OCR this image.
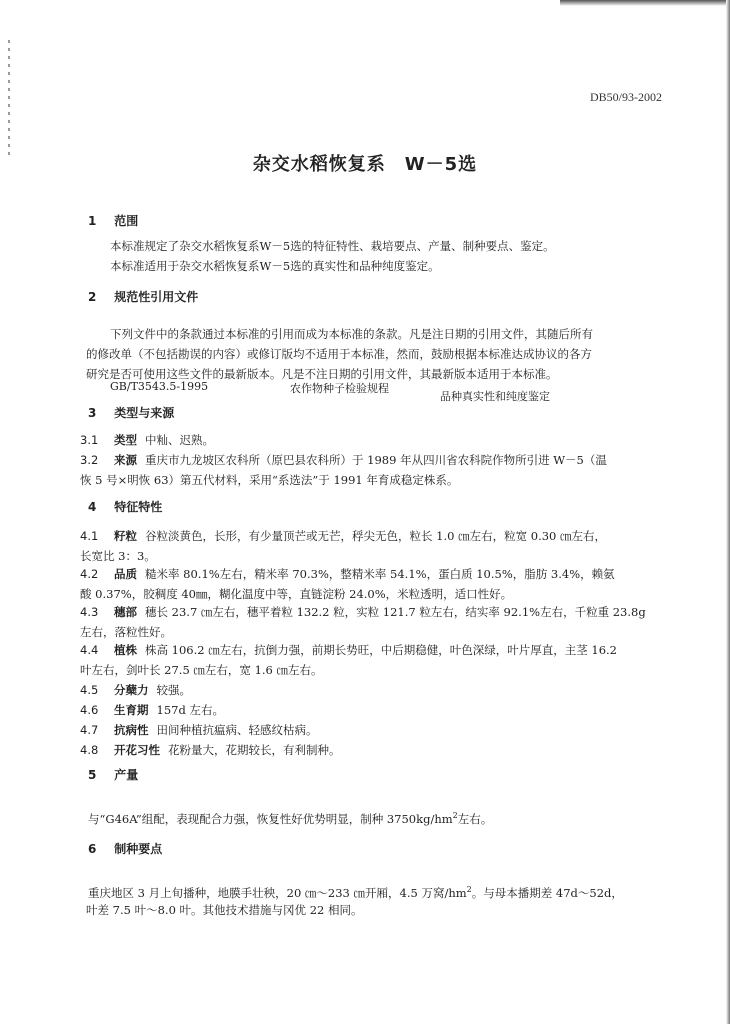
DB50/93-2002
杂交水稻恢复系　W－5选
1 范围
本标准规定了杂交水稻恢复系W－5选的特征特性、栽培要点、产量、制种要点、鉴定。
本标准适用于杂交水稻恢复系W－5选的真实性和品种纯度鉴定。
2 规范性引用文件
下列文件中的条款通过本标准的引用而成为本标准的条款。凡是注日期的引用文件，其随后所有
的修改单（不包括勘误的内容）或修订版均不适用于本标准，然而，鼓励根据本标准达成协议的各方
研究是否可使用这些文件的最新版本。凡是不注日期的引用文件，其最新版本适用于本标准。
GB/T3543.5-1995	农作物种子检验规程
品种真实性和纯度鉴定
3 类型与来源
3.1 类型 中籼、迟熟。
3.2 来源 重庆市九龙坡区农科所（原巴县农科所）于 1989 年从四川省农科院作物所引进 W－5（温
恢 5 号×明恢 63）第五代材料，采用“系选法”于 1991 年育成稳定株系。
4 特征特性
4.1 籽粒 谷粒淡黄色，长形，有少量顶芒或无芒，稃尖无色，粒长 1.0 ㎝左右，粒宽 0.30 ㎝左右，
长宽比 3：3。
4.2 品质 糙米率 80.1%左右，精米率 70.3%，整精米率 54.1%，蛋白质 10.5%，脂肪 3.4%，赖氨
酸 0.37%，胶稠度 40㎜，糊化温度中等，直链淀粉 24.0%，米粒透明，适口性好。
4.3 穗部 穗长 23.7 ㎝左右，穗平着粒 132.2 粒，实粒 121.7 粒左右，结实率 92.1%左右，千粒重 23.8g
左右，落粒性好。
4.4 植株 株高 106.2 ㎝左右，抗倒力强，前期长势旺，中后期稳健，叶色深绿，叶片厚直，主茎 16.2
叶左右，剑叶长 27.5 ㎝左右，宽 1.6 ㎝左右。
4.5 分蘖力 较强。
4.6 生育期 157d 左右。
4.7 抗病性 田间种植抗瘟病、轻感纹枯病。
4.8 开花习性 花粉量大，花期较长，有利制种。
5 产量
与“G46A”组配，表现配合力强，恢复性好优势明显，制种 $3750kg/hm^2$左右。
6 制种要点
重庆地区 3 月上旬播种，地膜手壮秧，20 ㎝～233 ㎝开厢，4.5 万窝$/hm^2$。与母本播期差 47d～52d，
叶差 7.5 叶～8.0 叶。其他技术措施与冈优 22 相同。
